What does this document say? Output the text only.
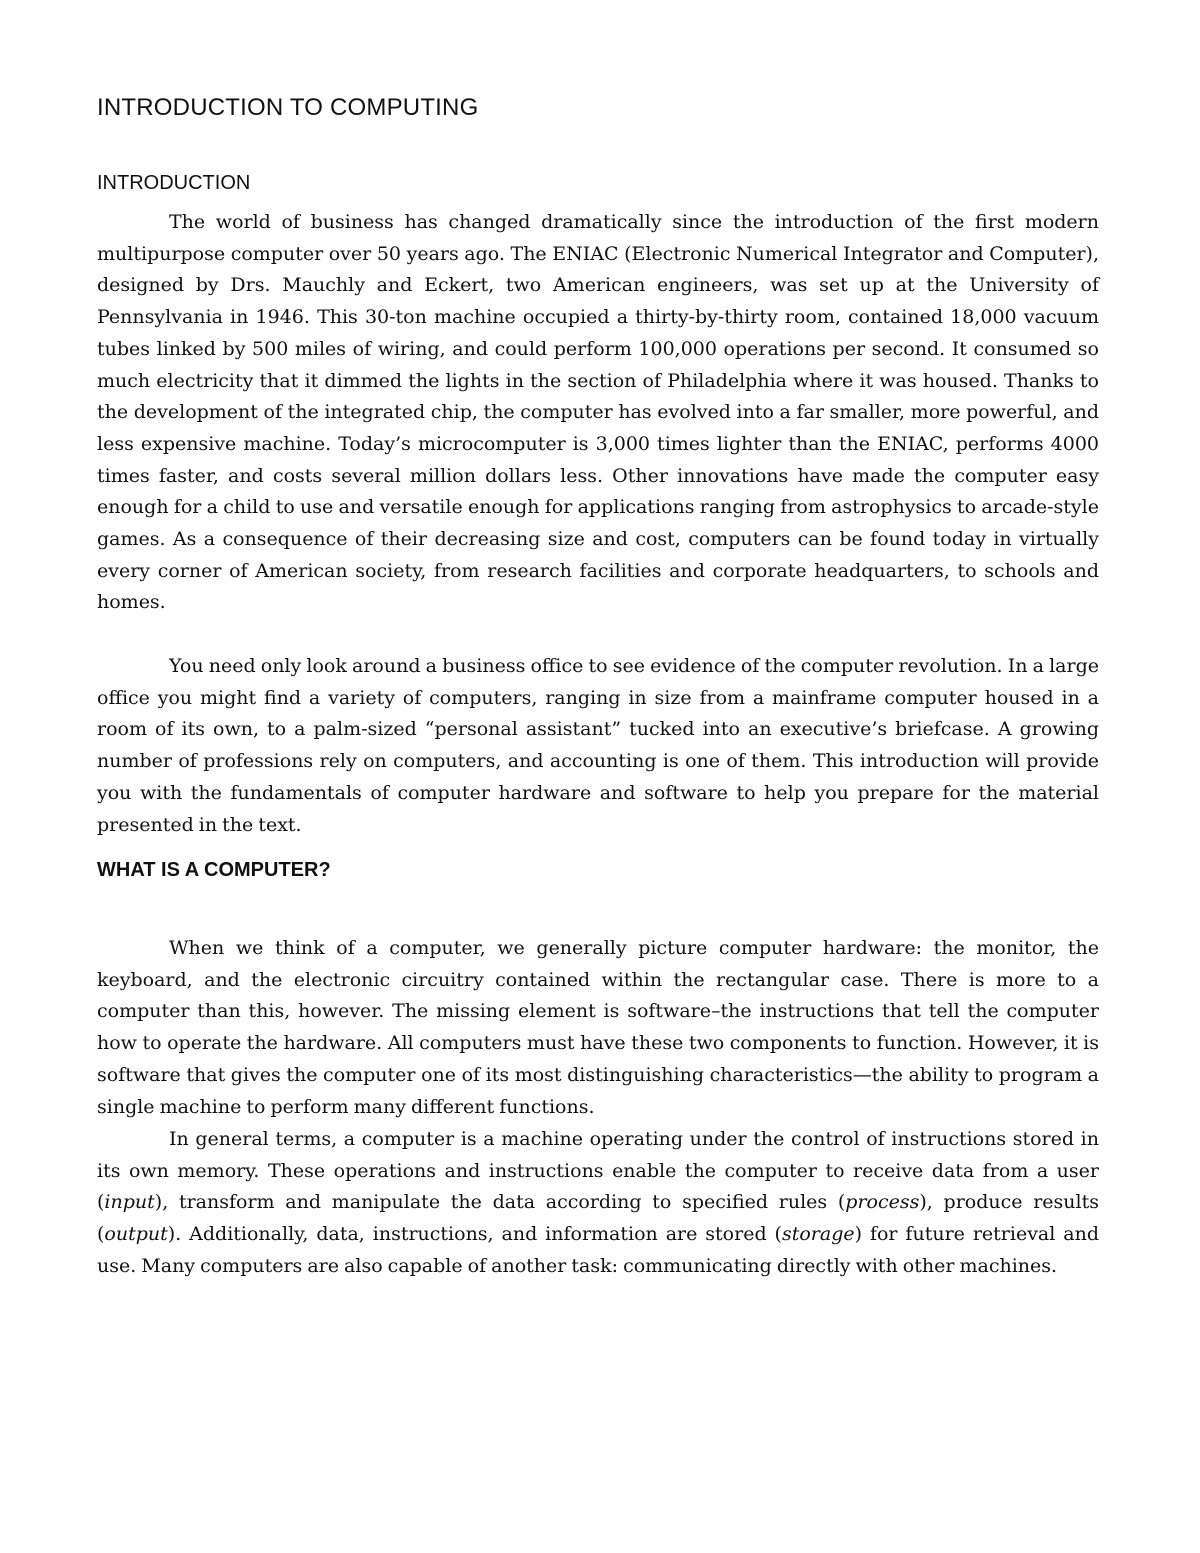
INTRODUCTION TO COMPUTING
INTRODUCTION

The world of business has changed dramatically since the introduction of the first modern multipurpose computer over 50 years ago. The ENIAC (Electronic Numerical Integrator and Computer), designed by Drs. Mauchly and Eckert, two American engineers, was set up at the University of Pennsylvania in 1946. This 30-ton machine occupied a thirty-by-thirty room, contained 18,000 vacuum tubes linked by 500 miles of wiring, and could perform 100,000 operations per second. It consumed so much electricity that it dimmed the lights in the section of Philadelphia where it was housed. Thanks to the development of the integrated chip, the computer has evolved into a far smaller, more powerful, and less expensive machine. Today’s microcomputer is 3,000 times lighter than the ENIAC, performs 4000 times faster, and costs several million dollars less. Other innovations have made the computer easy enough for a child to use and versatile enough for applications ranging from astrophysics to arcade-style games. As a consequence of their decreasing size and cost, computers can be found today in virtually every corner of American society, from research facilities and corporate headquarters, to schools and homes.

You need only look around a business office to see evidence of the computer revolution. In a large office you might find a variety of computers, ranging in size from a mainframe computer housed in a room of its own, to a palm-sized “personal assistant” tucked into an executive’s briefcase. A growing number of professions rely on computers, and accounting is one of them. This introduction will provide you with the fundamentals of computer hardware and software to help you prepare for the material presented in the text.

WHAT IS A COMPUTER?

When we think of a computer, we generally picture computer hardware: the monitor, the keyboard, and the electronic circuitry contained within the rectangular case. There is more to a computer than this, however. The missing element is software–the instructions that tell the computer how to operate the hardware. All computers must have these two components to function. However, it is software that gives the computer one of its most distinguishing characteristics—the ability to program a single machine to perform many different functions.

In general terms, a computer is a machine operating under the control of instructions stored in its own memory. These operations and instructions enable the computer to receive data from a user (input), transform and manipulate the data according to specified rules (process), produce results (output). Additionally, data, instructions, and information are stored (storage) for future retrieval and use. Many computers are also capable of another task: communicating directly with other machines.
